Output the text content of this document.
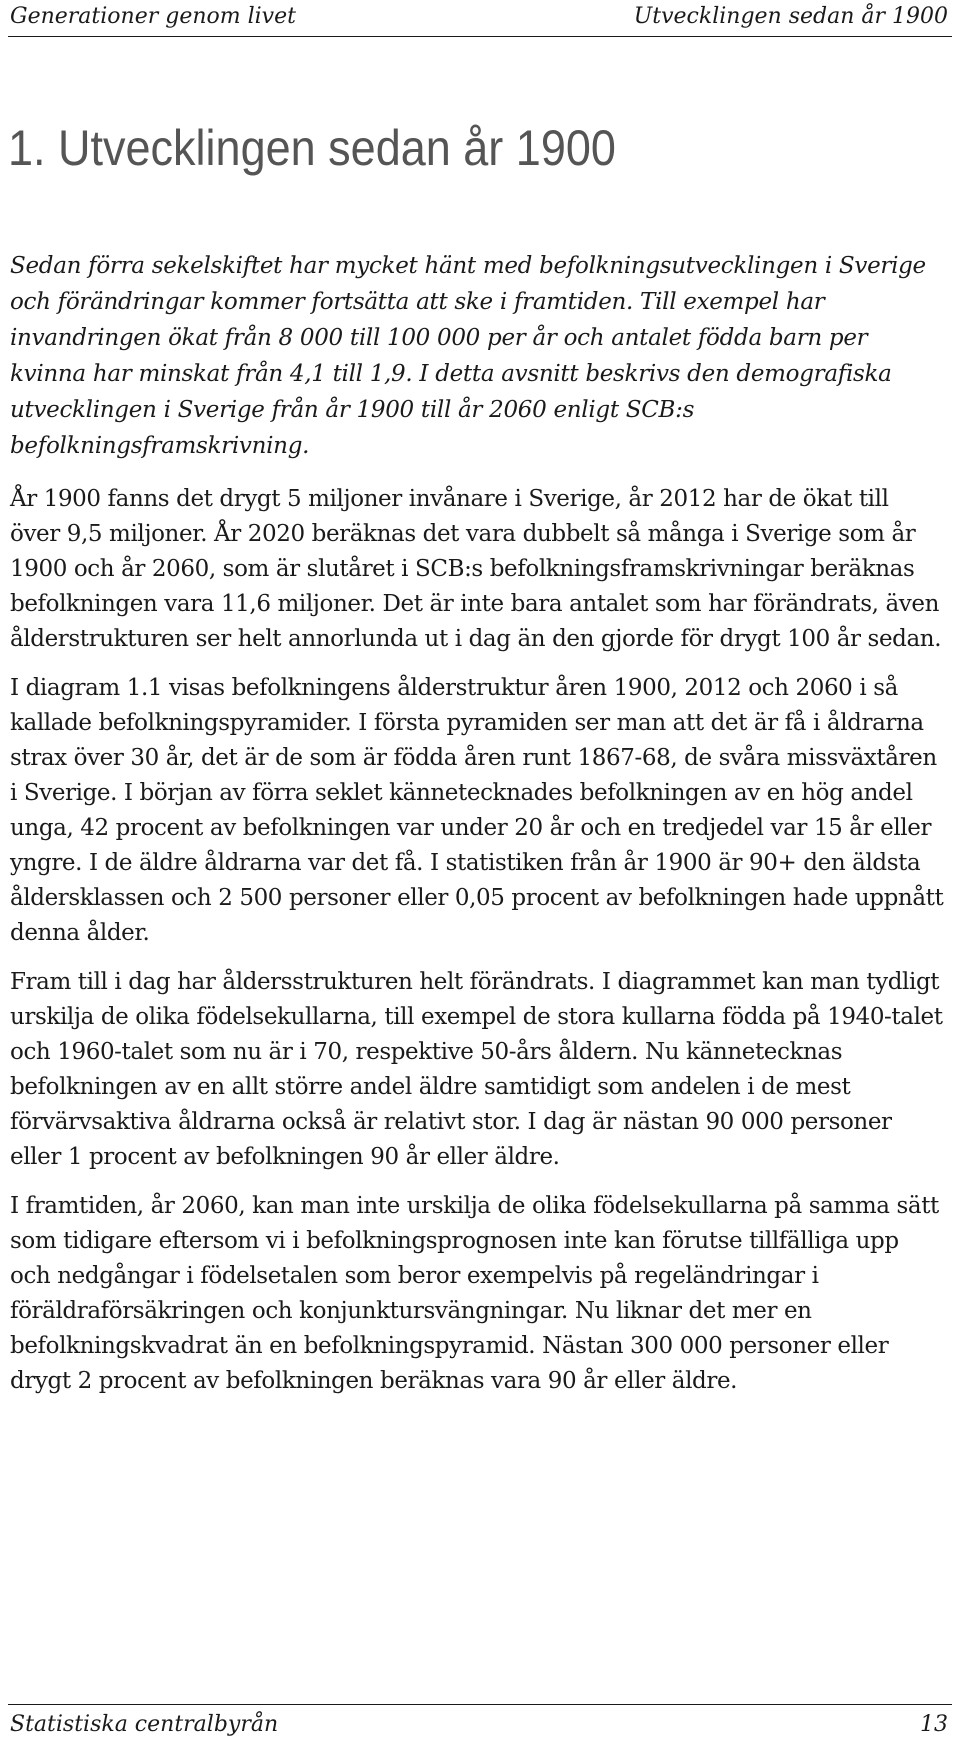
Generationer genom livet	Utvecklingen sedan år 1900
1. Utvecklingen sedan år 1900

Sedan förra sekelskiftet har mycket hänt med befolkningsutvecklingen i Sverige och förändringar kommer fortsätta att ske i framtiden. Till exempel har invandringen ökat från 8 000 till 100 000 per år och antalet födda barn per kvinna har minskat från 4,1 till 1,9. I detta avsnitt beskrivs den demografiska utvecklingen i Sverige från år 1900 till år 2060 enligt SCB:s befolkningsframskrivning.

År 1900 fanns det drygt 5 miljoner invånare i Sverige, år 2012 har de ökat till över 9,5 miljoner. År 2020 beräknas det vara dubbelt så många i Sverige som år 1900 och år 2060, som är slutåret i SCB:s befolkningsframskrivningar beräknas befolkningen vara 11,6 miljoner. Det är inte bara antalet som har förändrats, även ålderstrukturen ser helt annorlunda ut i dag än den gjorde för drygt 100 år sedan.

I diagram 1.1 visas befolkningens ålderstruktur åren 1900, 2012 och 2060 i så kallade befolkningspyramider. I första pyramiden ser man att det är få i åldrarna strax över 30 år, det är de som är födda åren runt 1867-68, de svåra missväxtåren i Sverige. I början av förra seklet kännetecknades befolkningen av en hög andel unga, 42 procent av befolkningen var under 20 år och en tredjedel var 15 år eller yngre. I de äldre åldrarna var det få. I statistiken från år 1900 är 90+ den äldsta åldersklassen och 2 500 personer eller 0,05 procent av befolkningen hade uppnått denna ålder.

Fram till i dag har åldersstrukturen helt förändrats. I diagrammet kan man tydligt urskilja de olika födelsekullarna, till exempel de stora kullarna födda på 1940-talet och 1960-talet som nu är i 70, respektive 50-års åldern. Nu kännetecknas befolkningen av en allt större andel äldre samtidigt som andelen i de mest förvärvsaktiva åldrarna också är relativt stor. I dag är nästan 90 000 personer eller 1 procent av befolkningen 90 år eller äldre.

I framtiden, år 2060, kan man inte urskilja de olika födelsekullarna på samma sätt som tidigare eftersom vi i befolkningsprognosen inte kan förutse tillfälliga upp och nedgångar i födelsetalen som beror exempelvis på regeländringar i föräldraförsäkringen och konjunktursvängningar. Nu liknar det mer en befolkningskvadrat än en befolkningspyramid. Nästan 300 000 personer eller drygt 2 procent av befolkningen beräknas vara 90 år eller äldre.

Statistiska centralbyrån	13
